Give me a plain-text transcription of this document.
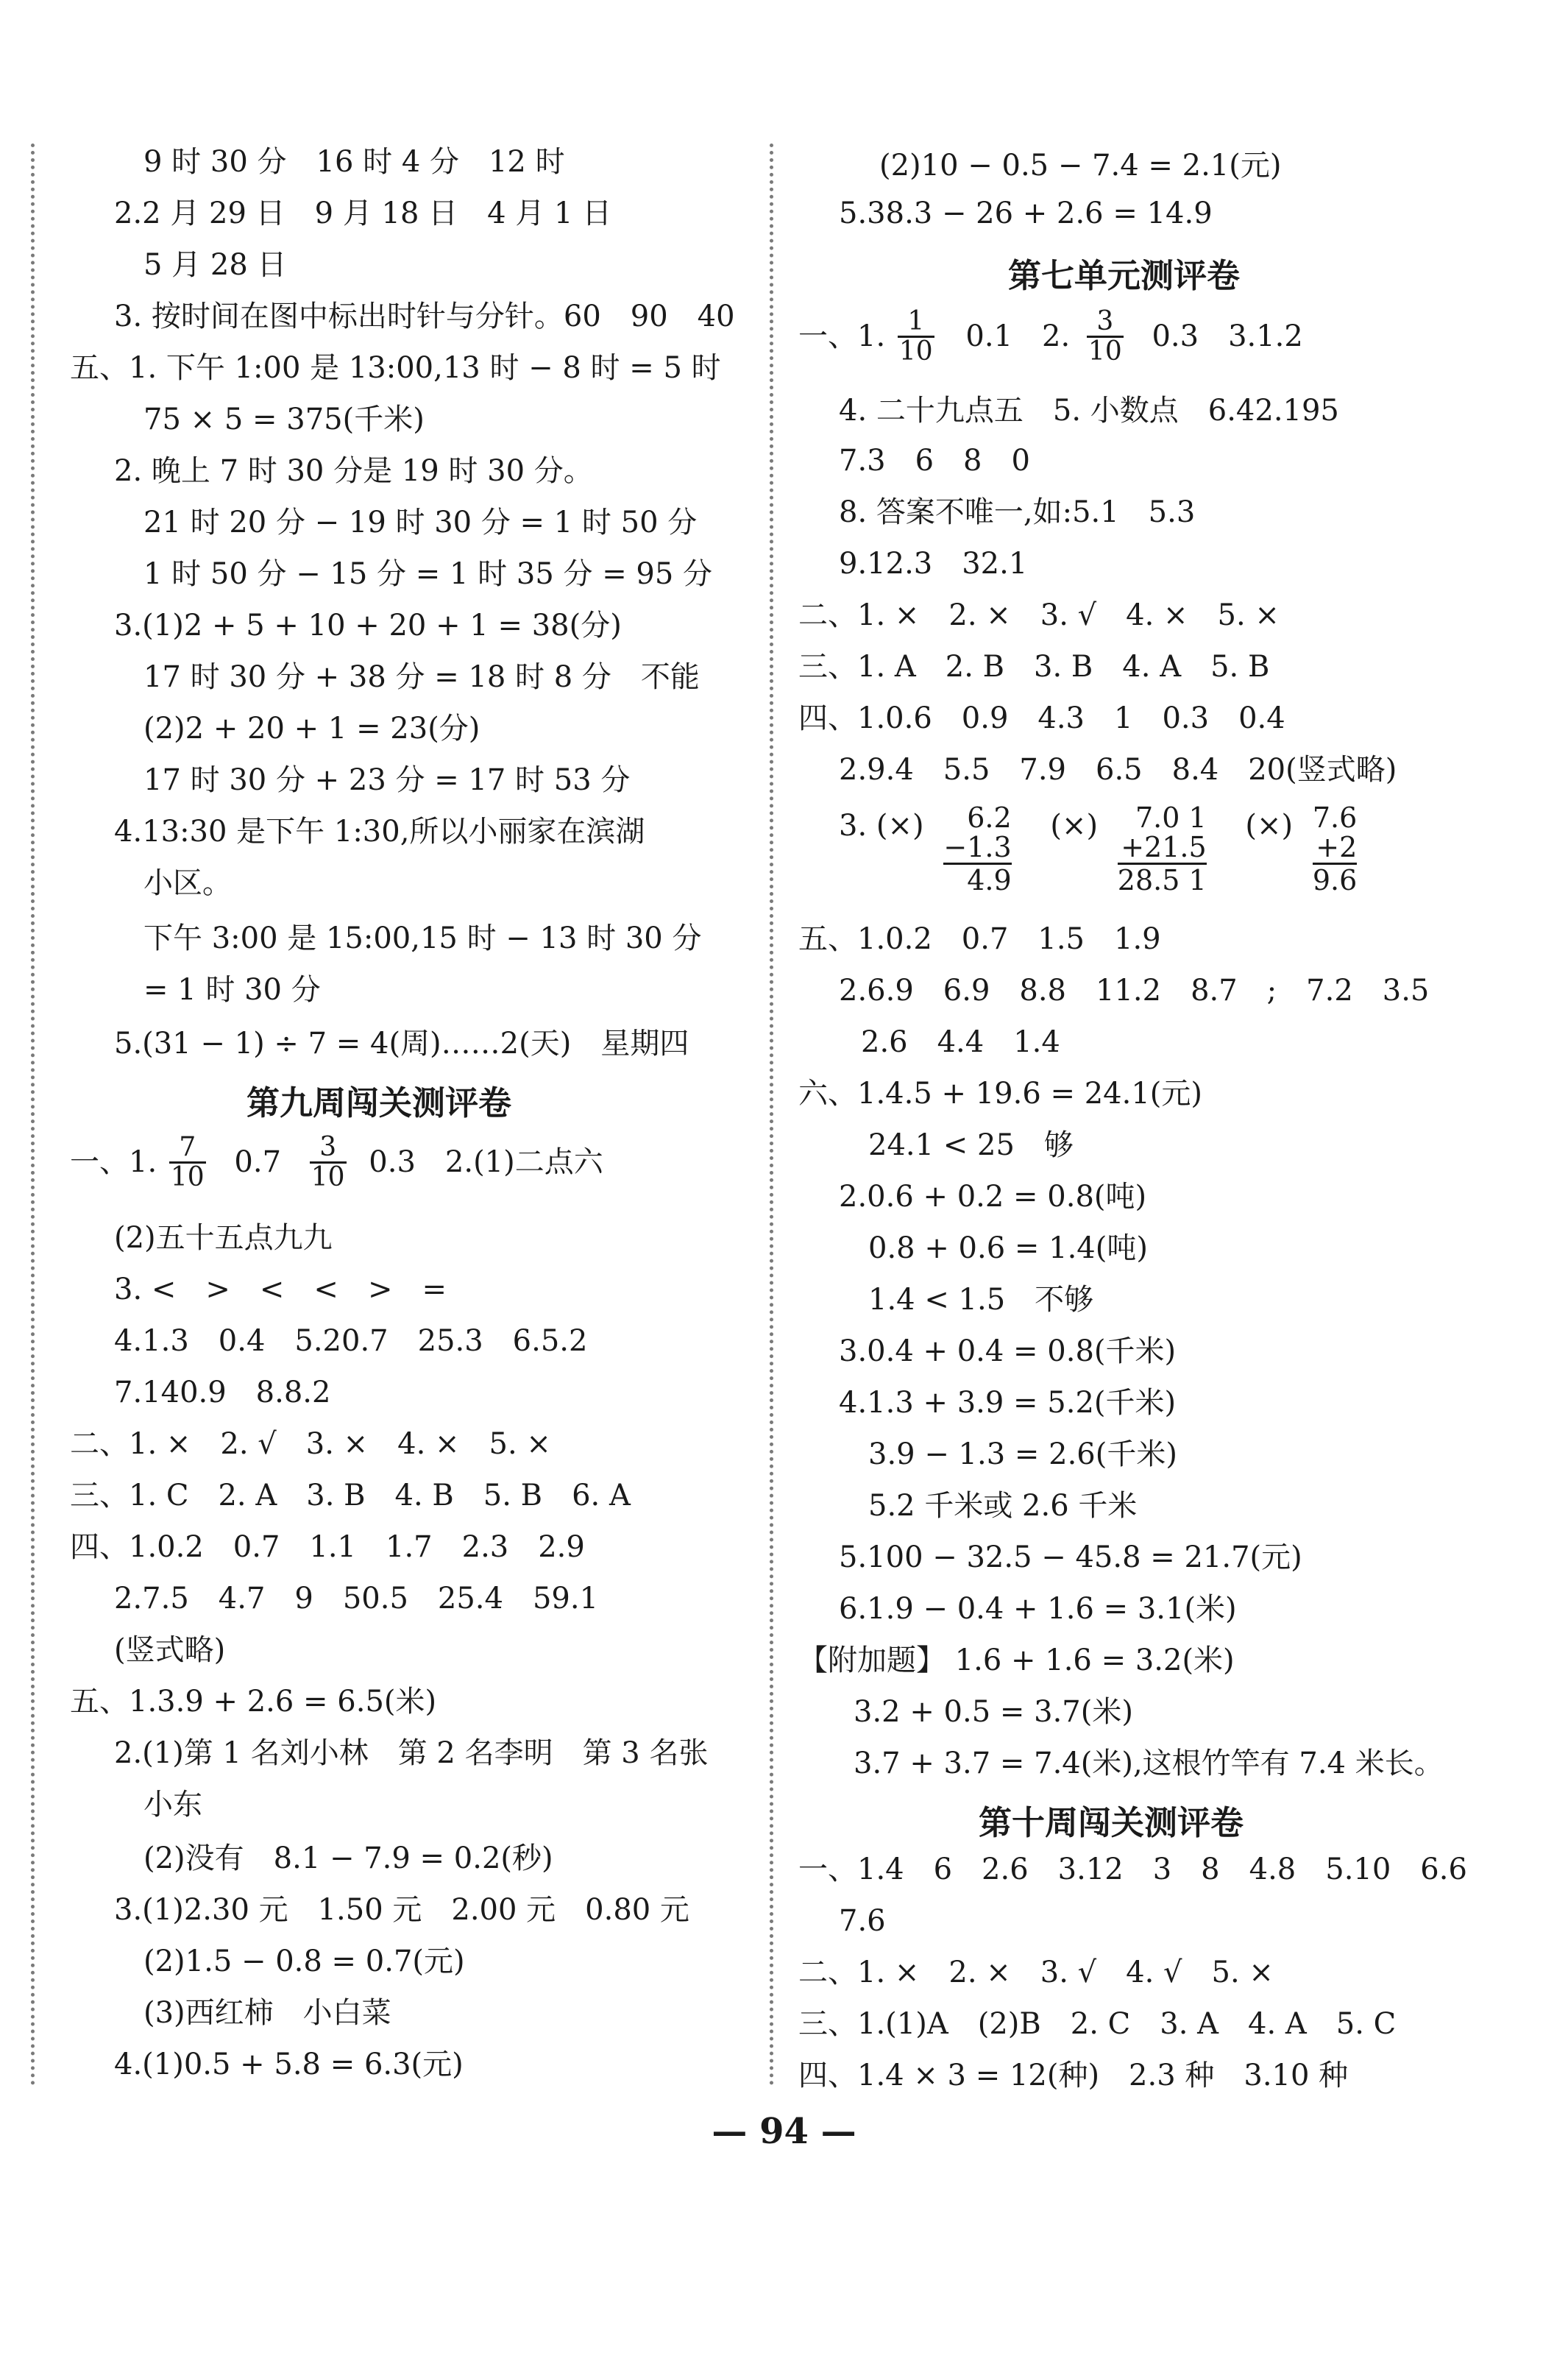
9 时 30 分　16 时 4 分　12 时
2.2 月 29 日　9 月 18 日　4 月 1 日
5 月 28 日
3. 按时间在图中标出时针与分针。60　90　40
五、1. 下午 1:00 是 13:00,13 时 − 8 时 = 5 时
75 × 5 = 375(千米)
2. 晚上 7 时 30 分是 19 时 30 分。
21 时 20 分 − 19 时 30 分 = 1 时 50 分
1 时 50 分 − 15 分 = 1 时 35 分 = 95 分
3.(1)2 + 5 + 10 + 20 + 1 = 38(分)
17 时 30 分 + 38 分 = 18 时 8 分　不能
(2)2 + 20 + 1 = 23(分)
17 时 30 分 + 23 分 = 17 时 53 分
4.13:30 是下午 1:30,所以小丽家在滨湖
小区。
下午 3:00 是 15:00,15 时 − 13 时 30 分
= 1 时 30 分
5.(31 − 1) ÷ 7 = 4(周)……2(天)　星期四
第九周闯关测评卷
一、1. $\frac{7}{10} 0.7 \frac{3}{10} 0.3$　2.(1)二点六
(2)五十五点九九
3. <　>　<　<　>　=
4.1.3　0.4　5.20.7　25.3　6.5.2
7.140.9　8.8.2
二、1. ×　2. √　3. ×　4. ×　5. ×
三、1. C　2. A　3. B　4. B　5. B　6. A
四、1.0.2　0.7　1.1　1.7　2.3　2.9
2.7.5　4.7　9　50.5　25.4　59.1
(竖式略)
五、1.3.9 + 2.6 = 6.5(米)
2.(1)第 1 名刘小林　第 2 名李明　第 3 名张
小东
(2)没有　8.1 − 7.9 = 0.2(秒)
3.(1)2.30 元　1.50 元　2.00 元　0.80 元
(2)1.5 − 0.8 = 0.7(元)
(3)西红柿　小白菜
4.(1)0.5 + 5.8 = 6.3(元)
(2)10 − 0.5 − 7.4 = 2.1(元)
5.38.3 − 26 + 2.6 = 14.9
第七单元测评卷
一、1. $\frac{1}{10} 0.1$　2. $\frac{3}{10} 0.3$　3.1.2
4. 二十九点五　5. 小数点　6.42.195
7.3　6　8　0
8. 答案不唯一,如:5.1　5.3
9.12.3　32.1
二、1. ×　2. ×　3. √　4. ×　5. ×
三、1. A　2. B　3. B　4. A　5. B
四、1.0.6　0.9　4.3　1　0.3　0.4
2.9.4　5.5　7.9　6.5　8.4　20(竖式略)
3. (×)	6.2
−1.3
4.9
(×)	7.0 1
+21.5
28.5 1
(×) 7.6
+2
9.6
五、1.0.2　0.7　1.5　1.9
2.6.9　6.9　8.8　11.2　8.7　;　7.2　3.5
2.6　4.4　1.4
六、1.4.5 + 19.6 = 24.1(元)
24.1 < 25　够
2.0.6 + 0.2 = 0.8(吨)
0.8 + 0.6 = 1.4(吨)
1.4 < 1.5　不够
3.0.4 + 0.4 = 0.8(千米)
4.1.3 + 3.9 = 5.2(千米)
3.9 − 1.3 = 2.6(千米)
5.2 千米或 2.6 千米
5.100 − 32.5 − 45.8 = 21.7(元)
6.1.9 − 0.4 + 1.6 = 3.1(米)
【附加题】 1.6 + 1.6 = 3.2(米)
3.2 + 0.5 = 3.7(米)
3.7 + 3.7 = 7.4(米),这根竹竿有 7.4 米长。
第十周闯关测评卷
一、1.4　6　2.6　3.12　3　8　4.8　5.10　6.6
7.6
二、1. ×　2. ×　3. √　4. √　5. ×
三、1.(1)A　(2)B　2. C　3. A　4. A　5. C
四、1.4 × 3 = 12(种)　2.3 种　3.10 种
— 94 —
